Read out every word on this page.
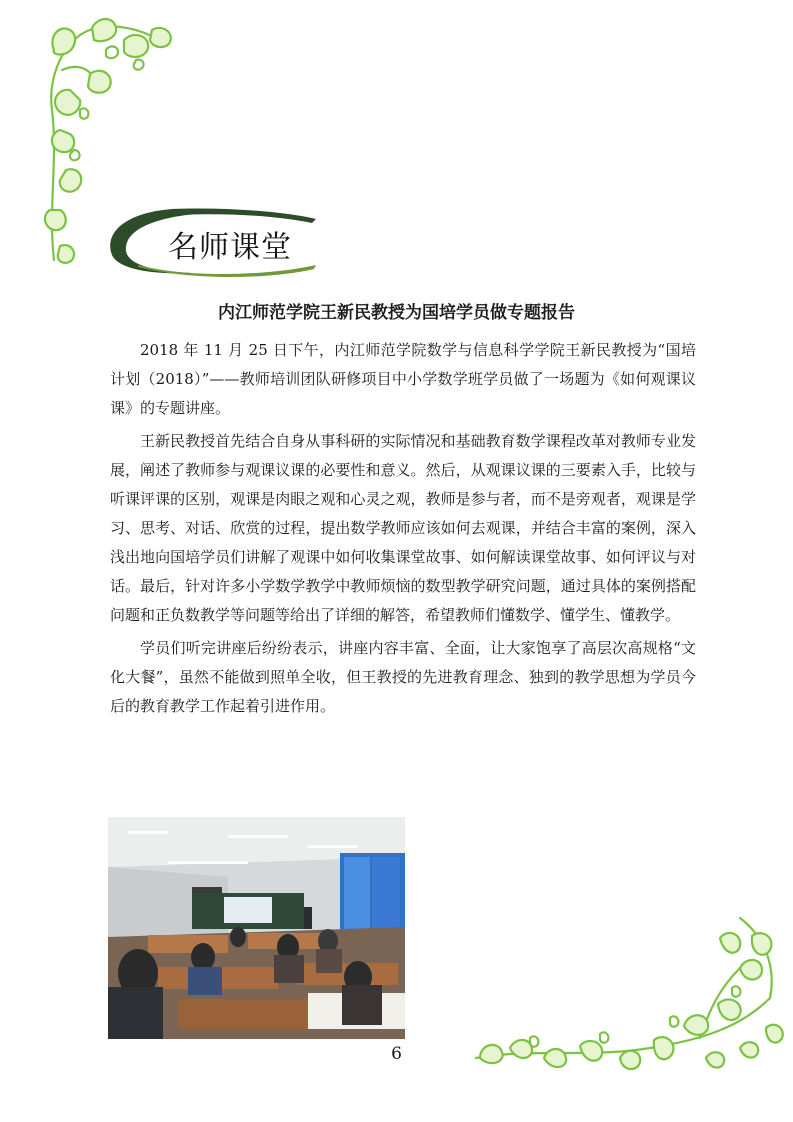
名师课堂
内江师范学院王新民教授为国培学员做专题报告

2018 年 11 月 25 日下午，内江师范学院数学与信息科学学院王新民教授为“国培计划（2018）”——教师培训团队研修项目中小学数学班学员做了一场题为《如何观课议课》的专题讲座。

王新民教授首先结合自身从事科研的实际情况和基础教育数学课程改革对教师专业发展，阐述了教师参与观课议课的必要性和意义。然后，从观课议课的三要素入手，比较与听课评课的区别，观课是肉眼之观和心灵之观，教师是参与者，而不是旁观者，观课是学习、思考、对话、欣赏的过程，提出数学教师应该如何去观课，并结合丰富的案例，深入浅出地向国培学员们讲解了观课中如何收集课堂故事、如何解读课堂故事、如何评议与对话。最后，针对许多小学数学教学中教师烦恼的数型教学研究问题，通过具体的案例搭配问题和正负数教学等问题等给出了详细的解答，希望教师们懂数学、懂学生、懂教学。

学员们听完讲座后纷纷表示，讲座内容丰富、全面，让大家饱享了高层次高规格“文化大餐”，虽然不能做到照单全收，但王教授的先进教育理念、独到的教学思想为学员今后的教育教学工作起着引进作用。

6
